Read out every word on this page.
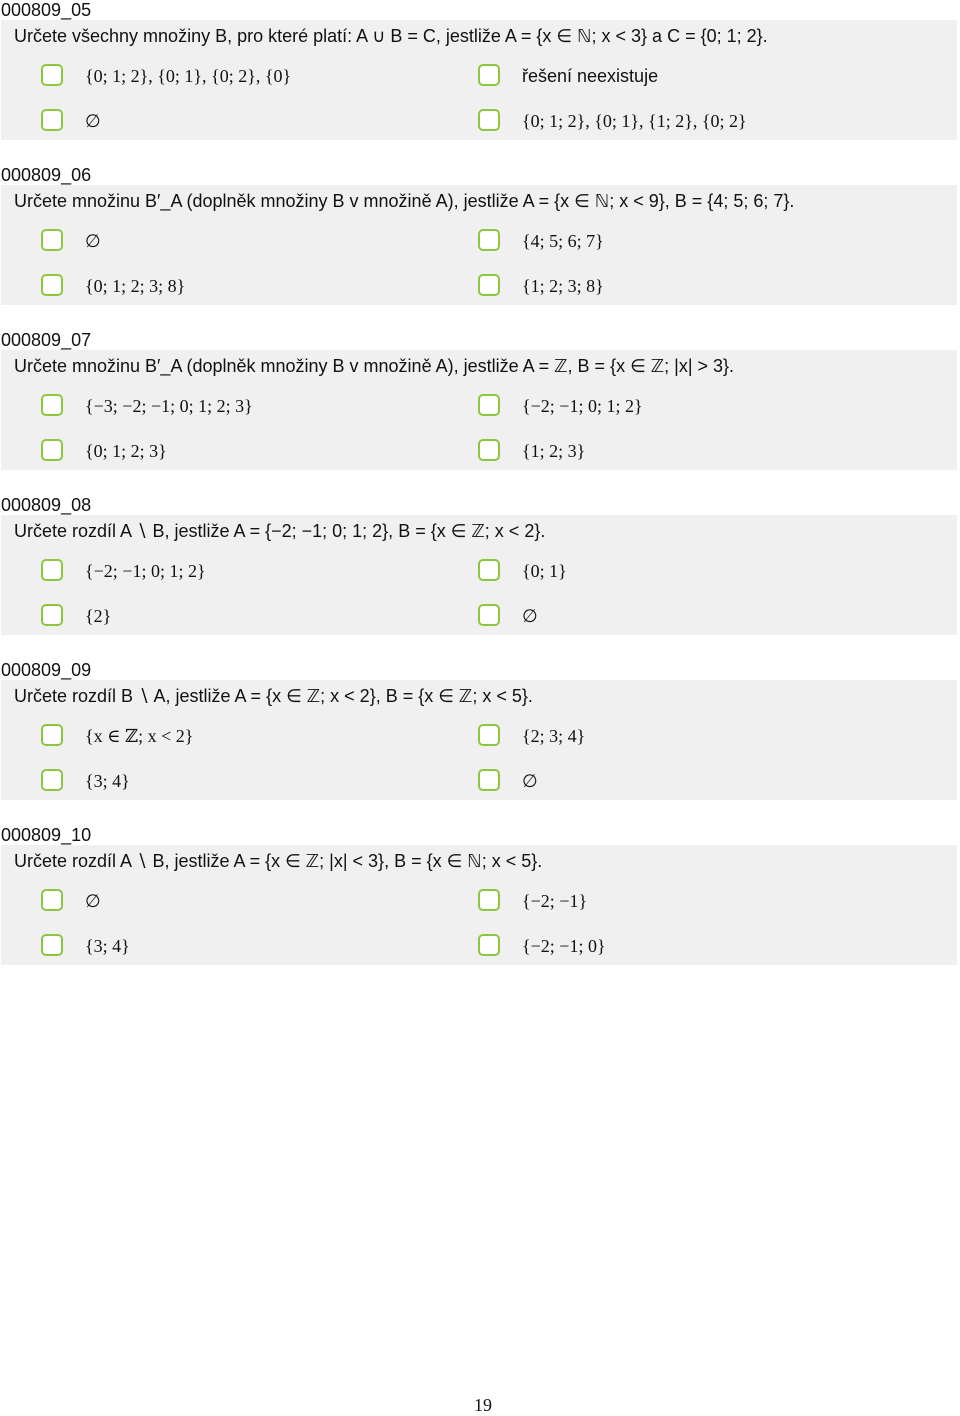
000809_05
Určete všechny množiny B, pro které platí: A ∪ B = C, jestliže A = {x ∈ ℕ; x < 3} a C = {0; 1; 2}.
{0; 1; 2}, {0; 1}, {0; 2}, {0}	řešení neexistuje
∅	{0; 1; 2}, {0; 1}, {1; 2}, {0; 2}
000809_06
Určete množinu B′_A (doplněk množiny B v množině A), jestliže A = {x ∈ ℕ; x < 9}, B = {4; 5; 6; 7}.
∅	{4; 5; 6; 7}
{0; 1; 2; 3; 8}	{1; 2; 3; 8}
000809_07
Určete množinu B′_A (doplněk množiny B v množině A), jestliže A = ℤ, B = {x ∈ ℤ; |x| > 3}.
{−3; −2; −1; 0; 1; 2; 3}	{−2; −1; 0; 1; 2}
{0; 1; 2; 3}	{1; 2; 3}
000809_08
Určete rozdíl A ∖ B, jestliže A = {−2; −1; 0; 1; 2}, B = {x ∈ ℤ; x < 2}.
{−2; −1; 0; 1; 2}	{0; 1}
{2}	∅
000809_09
Určete rozdíl B ∖ A, jestliže A = {x ∈ ℤ; x < 2}, B = {x ∈ ℤ; x < 5}.
{x ∈ ℤ; x < 2}	{2; 3; 4}
{3; 4}	∅
000809_10
Určete rozdíl A ∖ B, jestliže A = {x ∈ ℤ; |x| < 3}, B = {x ∈ ℕ; x < 5}.
∅	{−2; −1}
{3; 4}	{−2; −1; 0}
19
